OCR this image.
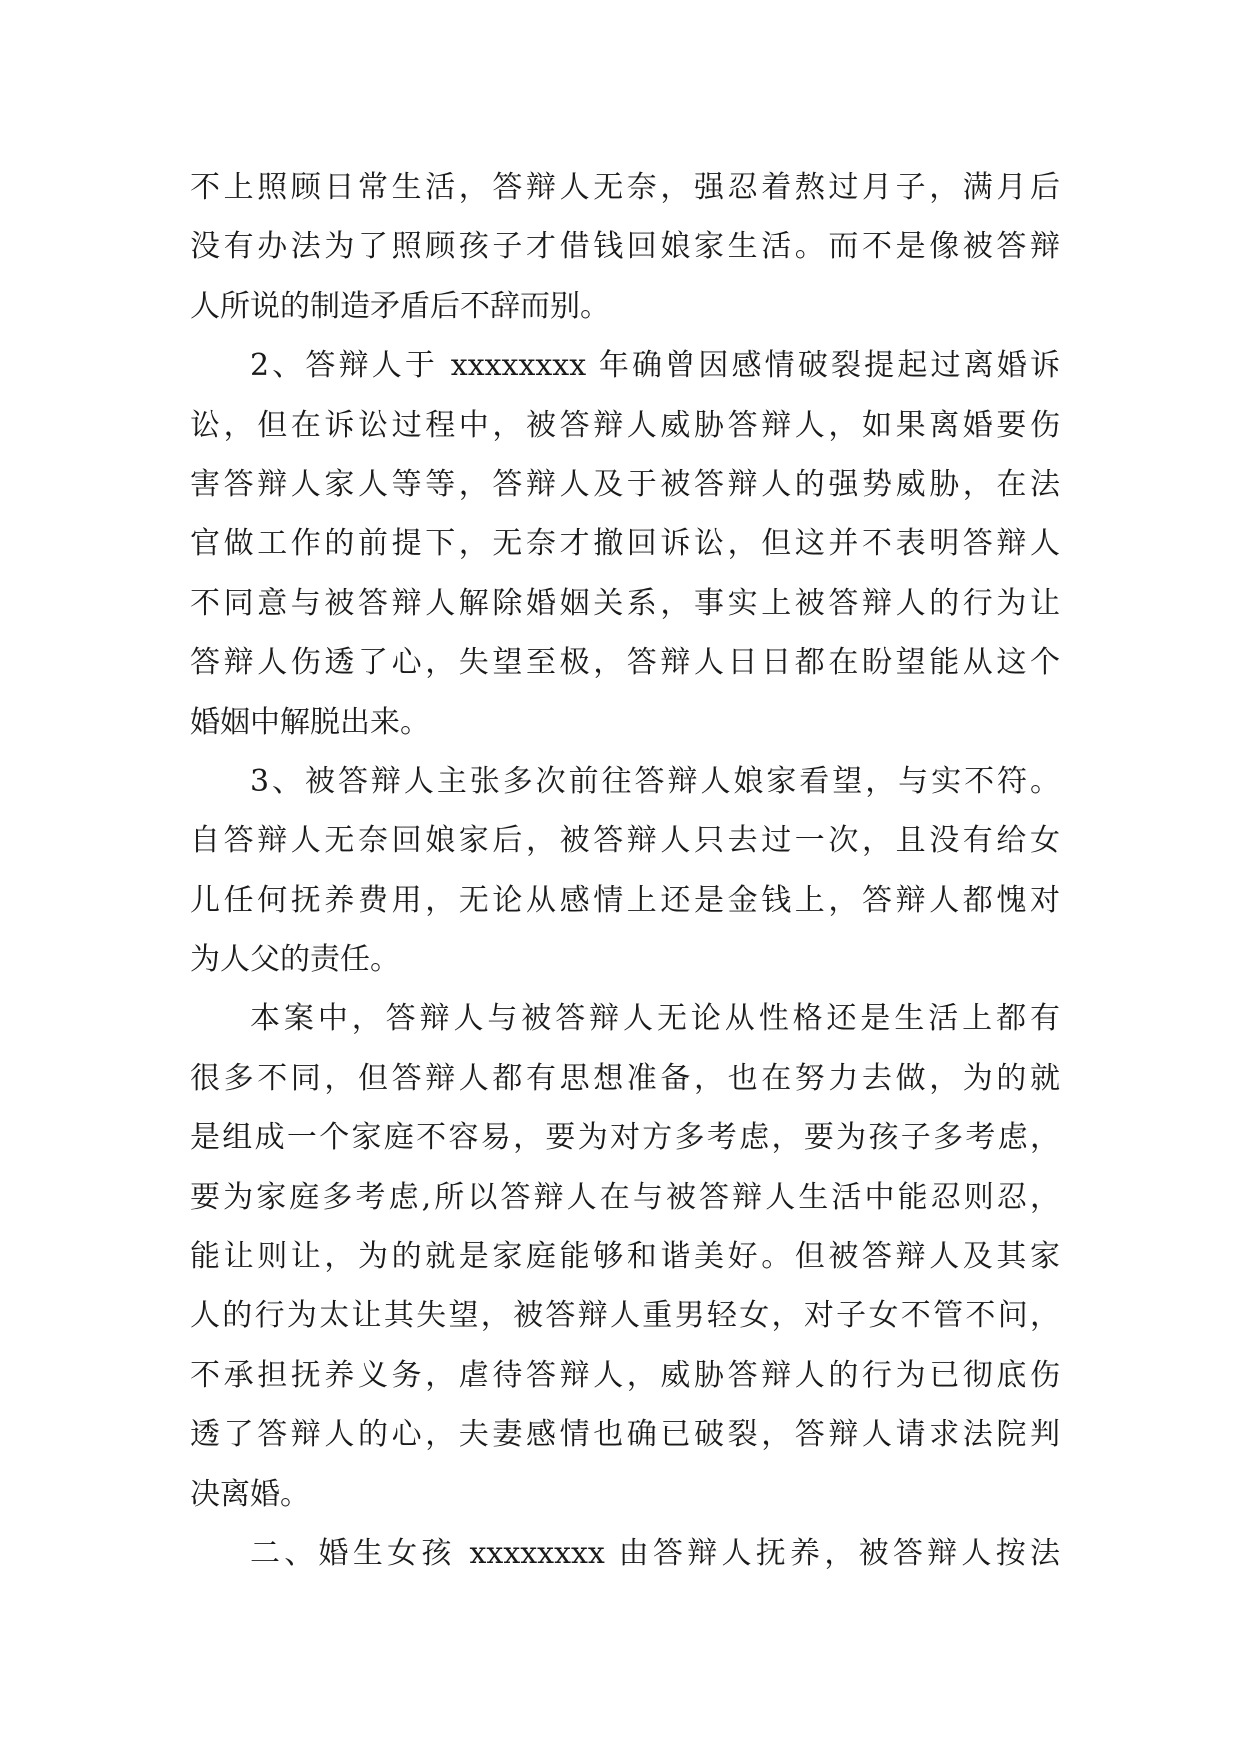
不上照顾日常生活，答辩人无奈，强忍着熬过月子，满月后
没有办法为了照顾孩子才借钱回娘家生活。而不是像被答辩
人所说的制造矛盾后不辞而别。
2、答辩人于 xxxxxxxx 年确曾因感情破裂提起过离婚诉
讼，但在诉讼过程中，被答辩人威胁答辩人，如果离婚要伤
害答辩人家人等等，答辩人及于被答辩人的强势威胁，在法
官做工作的前提下，无奈才撤回诉讼，但这并不表明答辩人
不同意与被答辩人解除婚姻关系，事实上被答辩人的行为让
答辩人伤透了心，失望至极，答辩人日日都在盼望能从这个
婚姻中解脱出来。
3、被答辩人主张多次前往答辩人娘家看望，与实不符。
自答辩人无奈回娘家后，被答辩人只去过一次，且没有给女
儿任何抚养费用，无论从感情上还是金钱上，答辩人都愧对
为人父的责任。
本案中，答辩人与被答辩人无论从性格还是生活上都有
很多不同，但答辩人都有思想准备，也在努力去做，为的就
是组成一个家庭不容易，要为对方多考虑，要为孩子多考虑，
要为家庭多考虑,所以答辩人在与被答辩人生活中能忍则忍，
能让则让，为的就是家庭能够和谐美好。但被答辩人及其家
人的行为太让其失望，被答辩人重男轻女，对子女不管不问，
不承担抚养义务，虐待答辩人，威胁答辩人的行为已彻底伤
透了答辩人的心，夫妻感情也确已破裂，答辩人请求法院判
决离婚。
二、婚生女孩 xxxxxxxx 由答辩人抚养，被答辩人按法
